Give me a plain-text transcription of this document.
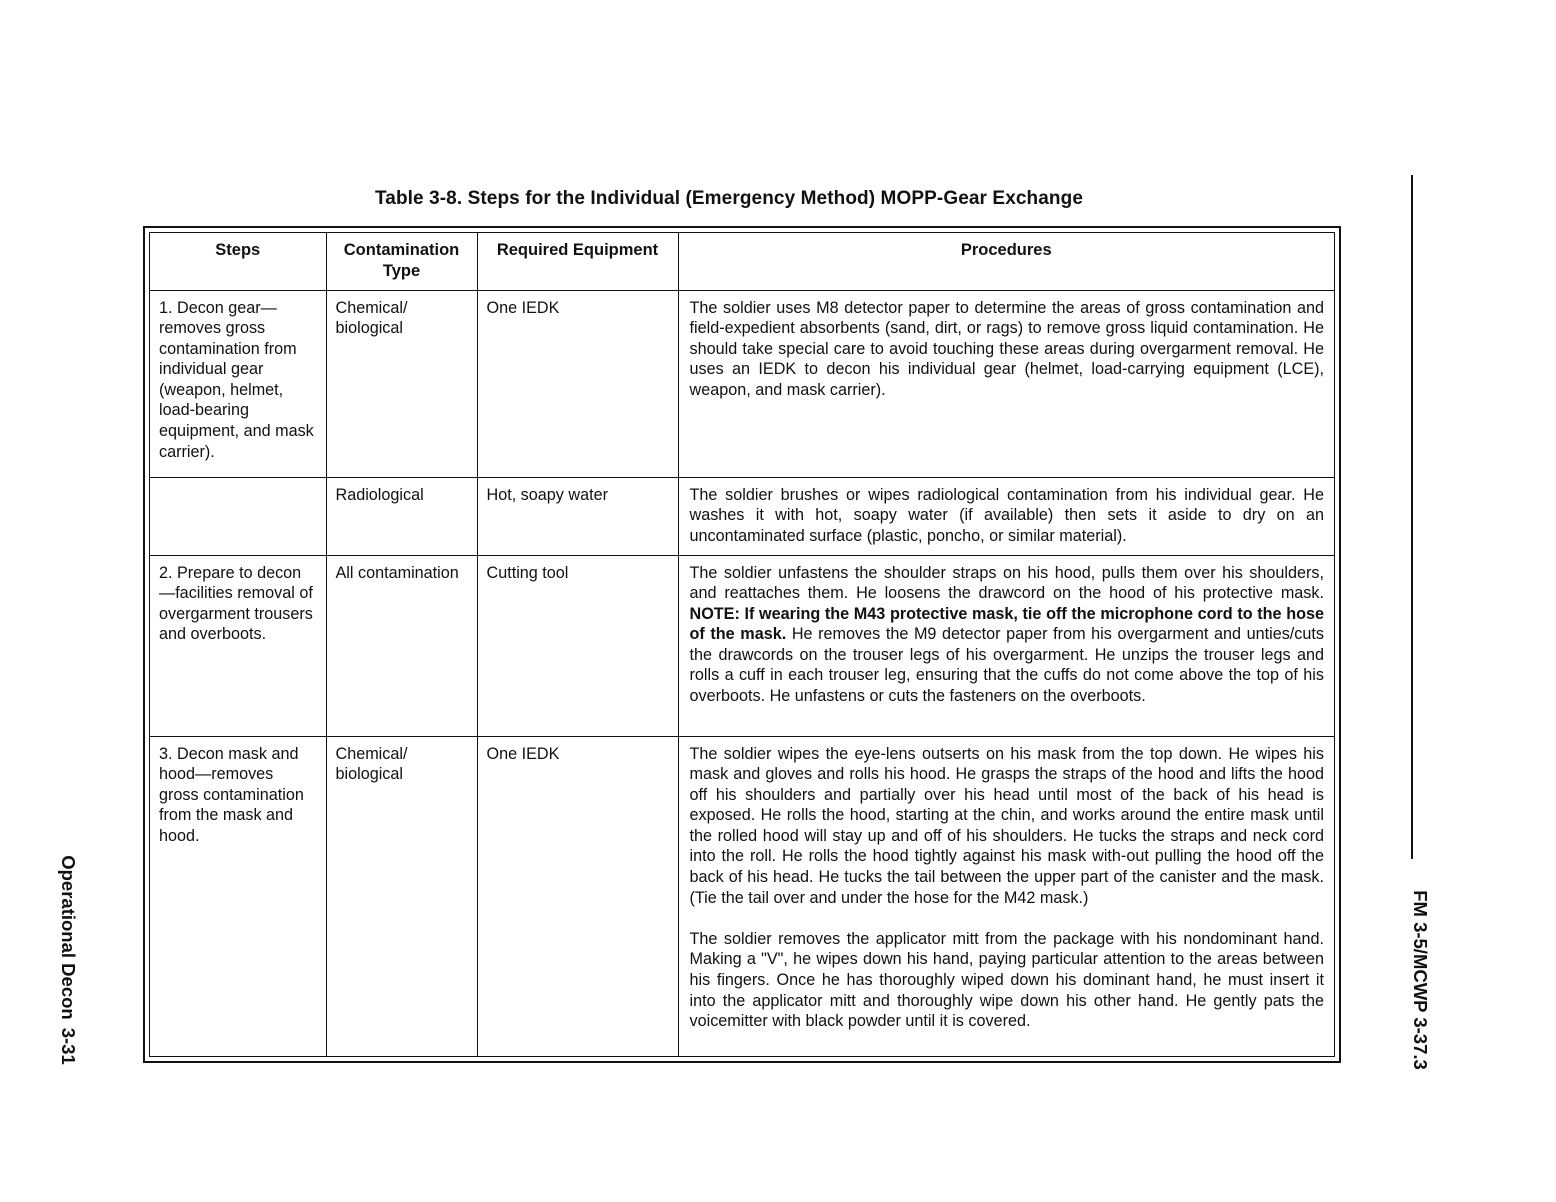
Table 3-8. Steps for the Individual (Emergency Method) MOPP-Gear Exchange
Steps	Contamination Type	Required Equipment	Procedures
1. Decon gear—removes gross contamination from individual gear (weapon, helmet, load-bearing equipment, and mask carrier).	Chemical/ biological	One IEDK	The soldier uses M8 detector paper to determine the areas of gross contamination and field-expedient absorbents (sand, dirt, or rags) to remove gross liquid contamination. He should take special care to avoid touching these areas during overgarment removal. He uses an IEDK to decon his individual gear (helmet, load-carrying equipment (LCE), weapon, and mask carrier).
	Radiological	Hot, soapy water	The soldier brushes or wipes radiological contamination from his individual gear. He washes it with hot, soapy water (if available) then sets it aside to dry on an uncontaminated surface (plastic, poncho, or similar material).
2. Prepare to decon—facilities removal of overgarment trousers and overboots.	All contamination	Cutting tool	The soldier unfastens the shoulder straps on his hood, pulls them over his shoulders, and reattaches them. He loosens the drawcord on the hood of his protective mask. NOTE: If wearing the M43 protective mask, tie off the microphone cord to the hose of the mask. He removes the M9 detector paper from his overgarment and unties/cuts the drawcords on the trouser legs of his overgarment. He unzips the trouser legs and rolls a cuff in each trouser leg, ensuring that the cuffs do not come above the top of his overboots. He unfastens or cuts the fasteners on the overboots.
3. Decon mask and hood—removes gross contamination from the mask and hood.	Chemical/ biological	One IEDK	The soldier wipes the eye-lens outserts on his mask from the top down. He wipes his mask and gloves and rolls his hood. He grasps the straps of the hood and lifts the hood off his shoulders and partially over his head until most of the back of his head is exposed. He rolls the hood, starting at the chin, and works around the entire mask until the rolled hood will stay up and off of his shoulders. He tucks the straps and neck cord into the roll. He rolls the hood tightly against his mask with-out pulling the hood off the back of his head. He tucks the tail between the upper part of the canister and the mask. (Tie the tail over and under the hose for the M42 mask.)

The soldier removes the applicator mitt from the package with his nondominant hand. Making a "V", he wipes down his hand, paying particular attention to the areas between his fingers. Once he has thoroughly wiped down his dominant hand, he must insert it into the applicator mitt and thoroughly wipe down his other hand. He gently pats the voicemitter with black powder until it is covered.

Operational Decon3-31	FM 3-5/MCWP 3-37.3
